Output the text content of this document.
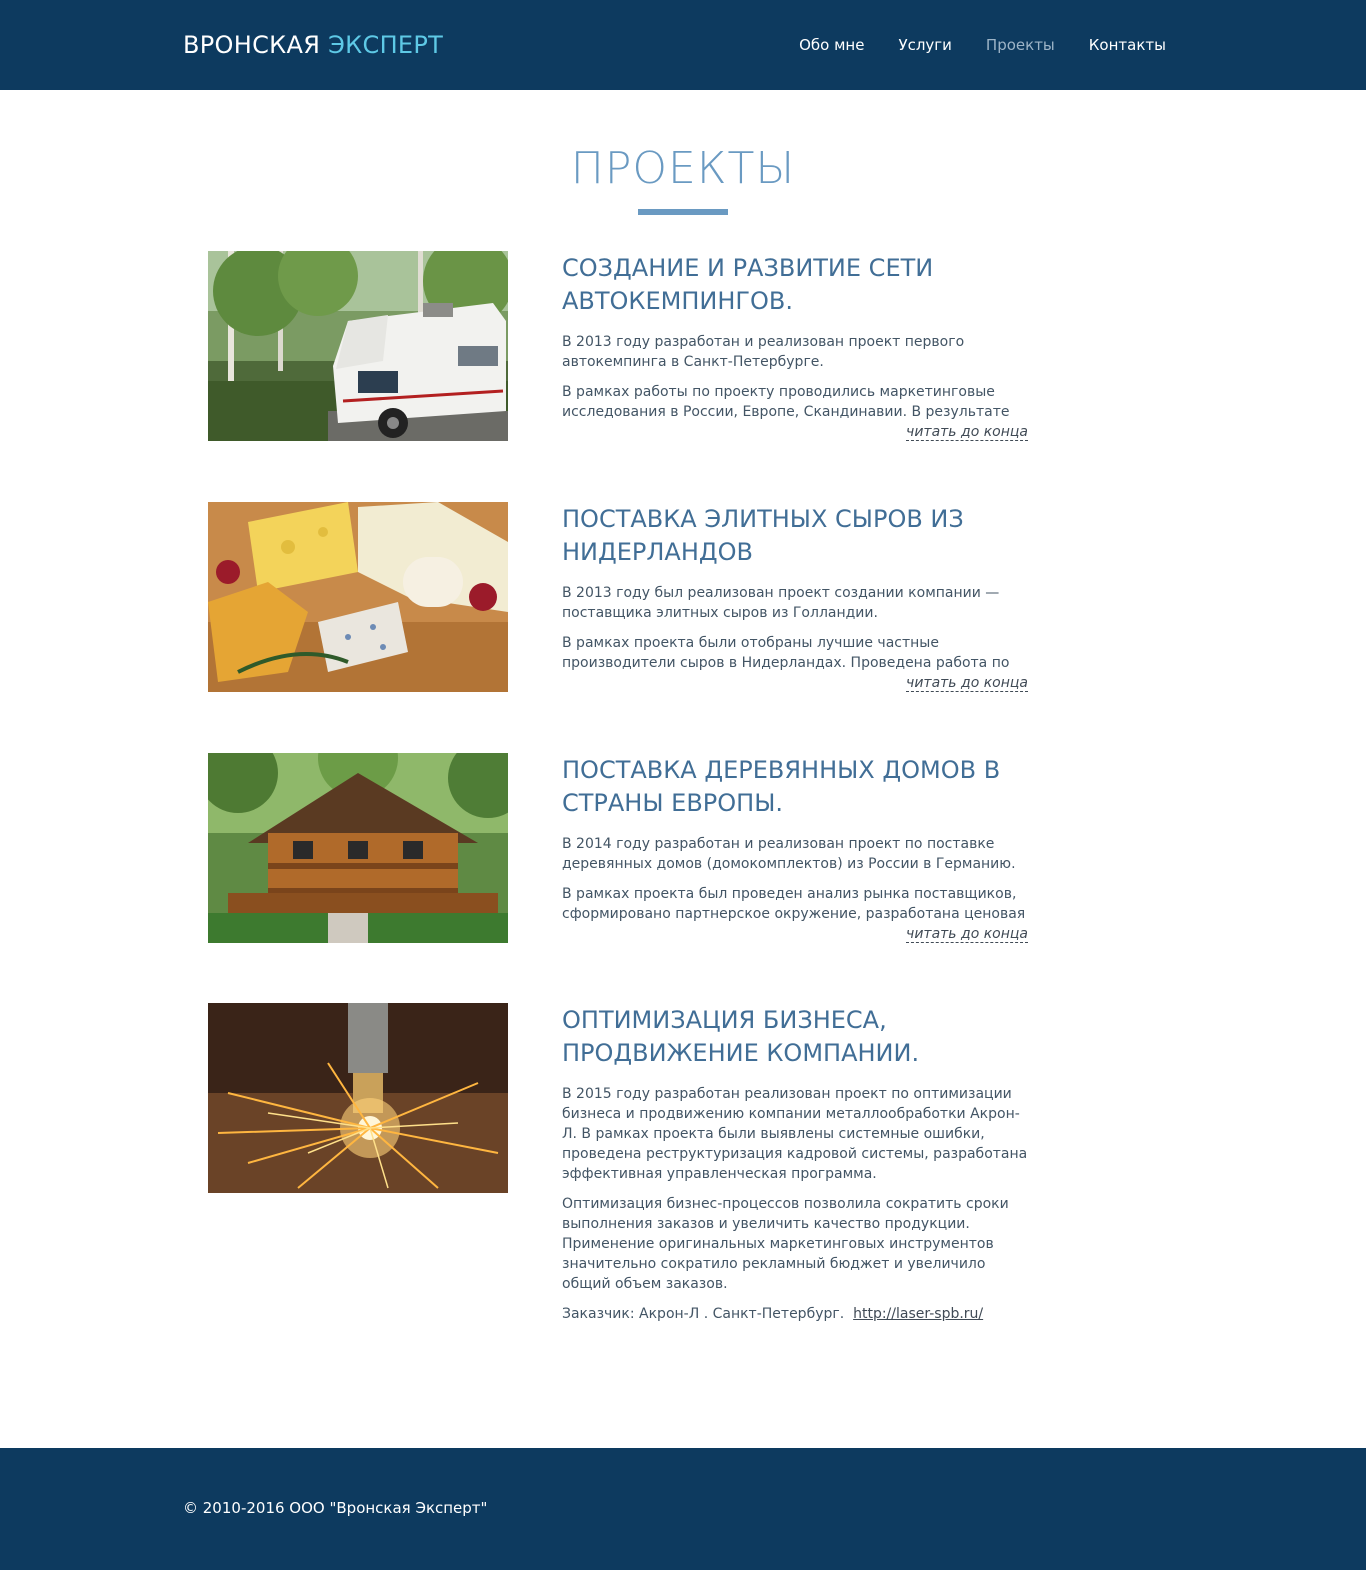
ВРОНСКАЯ ЭКСПЕРТ	Обо мне Услуги Проекты Контакты
ПРОЕКТЫ
СОЗДАНИЕ И РАЗВИТИЕ СЕТИ АВТОКЕМПИНГОВ.

В 2013 году разработан и реализован проект первого автокемпинга в Санкт-Петербурге.

В рамках работы по проекту проводились маркетинговые исследования в России, Европе, Скандинавии. В результате

читать до конца
ПОСТАВКА ЭЛИТНЫХ СЫРОВ ИЗ НИДЕРЛАНДОВ

В 2013 году был реализован проект создании компании — поставщика элитных сыров из Голландии.

В рамках проекта были отобраны лучшие частные производители сыров в Нидерландах. Проведена работа по

читать до конца
ПОСТАВКА ДЕРЕВЯННЫХ ДОМОВ В СТРАНЫ ЕВРОПЫ.

В 2014 году разработан и реализован проект по поставке деревянных домов (домокомплектов) из России в Германию.

В рамках проекта был проведен анализ рынка поставщиков, сформировано партнерское окружение, разработана ценовая

читать до конца
ОПТИМИЗАЦИЯ БИЗНЕСА, ПРОДВИЖЕНИЕ КОМПАНИИ.

В 2015 году разработан реализован проект по оптимизации бизнеса и продвижению компании металлообработки Акрон-Л. В рамках проекта были выявлены системные ошибки, проведена реструктуризация кадровой системы, разработана эффективная управленческая программа.

Оптимизация бизнес-процессов позволила сократить сроки выполнения заказов и увеличить качество продукции. Применение оригинальных маркетинговых инструментов значительно сократило рекламный бюджет и увеличило общий объем заказов.

Заказчик: Акрон-Л . Санкт-Петербург. http://laser-spb.ru/

© 2010-2016 ООО "Вронская Эксперт"
